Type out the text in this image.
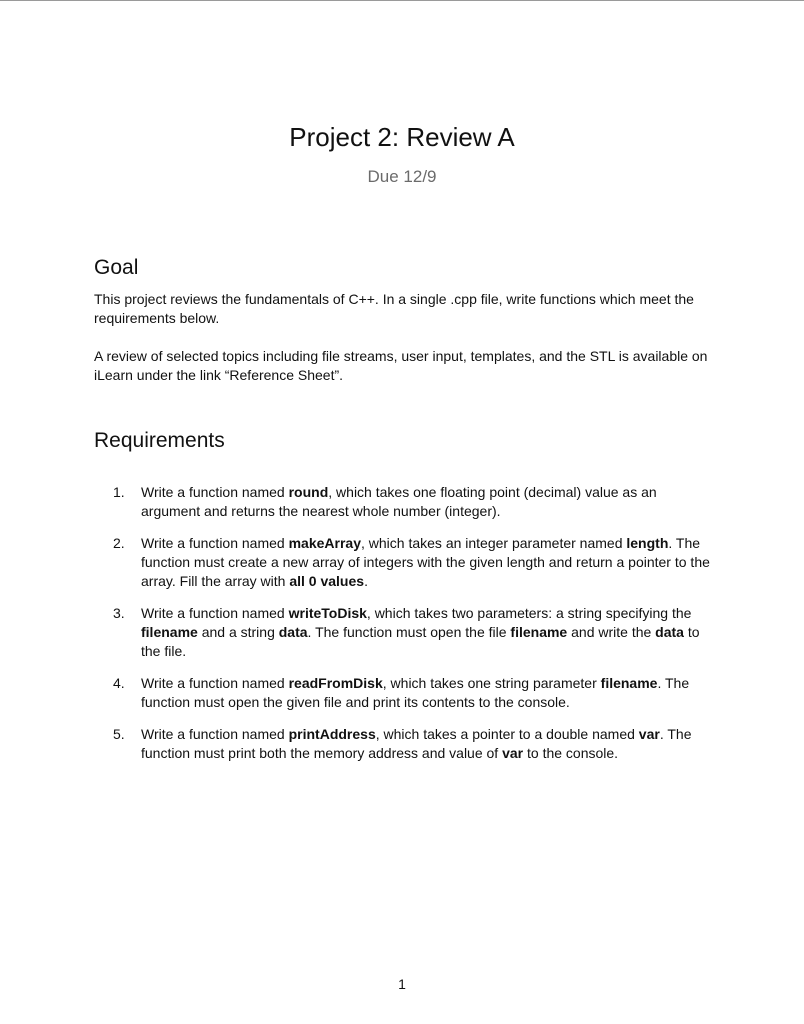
Project 2: Review A
Due 12/9
Goal
This project reviews the fundamentals of C++. In a single .cpp file, write functions which meet the requirements below.
A review of selected topics including file streams, user input, templates, and the STL is available on iLearn under the link “Reference Sheet”.
Requirements
1. Write a function named round, which takes one floating point (decimal) value as an argument and returns the nearest whole number (integer).
2. Write a function named makeArray, which takes an integer parameter named length. The function must create a new array of integers with the given length and return a pointer to the array. Fill the array with all 0 values.
3. Write a function named writeToDisk, which takes two parameters: a string specifying the filename and a string data. The function must open the file filename and write the data to the file.
4. Write a function named readFromDisk, which takes one string parameter filename. The function must open the given file and print its contents to the console.
5. Write a function named printAddress, which takes a pointer to a double named var. The function must print both the memory address and value of var to the console.
1
